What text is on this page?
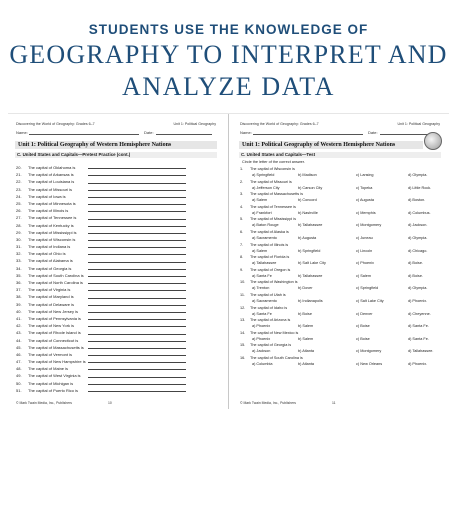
STUDENTS USE THE KNOWLEDGE OF
GEOGRAPHY TO INTERPRET AND
ANALYZE DATA
Discovering the World of Geography: Grades 6–7	Unit 1: Political Geography
Name:	Date:
Unit 1: Political Geography of Western Hemisphere Nations
C. United States and Capitals—Pretest Practice (cont.)
20.	The capital of Oklahoma is
21.	The capital of Arkansas is
22.	The capital of Louisiana is
23.	The capital of Missouri is
24.	The capital of Iowa is
25.	The capital of Minnesota is
26.	The capital of Illinois is
27.	The capital of Tennessee is
28.	The capital of Kentucky is
29.	The capital of Mississippi is
30.	The capital of Wisconsin is
31.	The capital of Indiana is
32.	The capital of Ohio is
33.	The capital of Alabama is
34.	The capital of Georgia is
35.	The capital of South Carolina is
36.	The capital of North Carolina is
37.	The capital of Virginia is
38.	The capital of Maryland is
39.	The capital of Delaware is
40.	The capital of New Jersey is
41.	The capital of Pennsylvania is
42.	The capital of New York is
43.	The capital of Rhode Island is
44.	The capital of Connecticut is
45.	The capital of Massachusetts is
46.	The capital of Vermont is
47.	The capital of New Hampshire is
48.	The capital of Maine is
49.	The capital of West Virginia is
50.	The capital of Michigan is
51.	The capital of Puerto Rico is
© Mark Twain Media, Inc., Publishers	10
Discovering the World of Geography: Grades 6–7	Unit 1: Political Geography
Name:	Date:
Unit 1: Political Geography of Western Hemisphere Nations
C. United States and Capitals—Test
Circle the letter of the correct answer.
1.	The capital of Wisconsin is
a) Springfield	b) Madison	c) Lansing	d) Olympia.
2.	The capital of Missouri is
a) Jefferson City	b) Carson City	c) Topeka	d) Little Rock.
3.	The capital of Massachusetts is
a) Salem	b) Concord	c) Augusta	d) Boston.
4.	The capital of Tennessee is
a) Frankfort	b) Nashville	c) Memphis	d) Columbus.
5.	The capital of Mississippi is
a) Baton Rouge	b) Tallahassee	c) Montgomery	d) Jackson.
6.	The capital of Alaska is
a) Sacramento	b) Augusta	c) Juneau	d) Olympia.
7.	The capital of Illinois is
a) Salem	b) Springfield	c) Lincoln	d) Chicago.
8.	The capital of Florida is
a) Tallahassee	b) Salt Lake City	c) Phoenix	d) Boise.
9.	The capital of Oregon is
a) Santa Fe	b) Tallahassee	c) Salem	d) Boise.
10.	The capital of Washington is
a) Trenton	b) Dover	c) Springfield	d) Olympia.
11.	The capital of Utah is
a) Sacramento	b) Indianapolis	c) Salt Lake City	d) Phoenix.
12.	The capital of Idaho is
a) Santa Fe	b) Boise	c) Denver	d) Cheyenne.
13.	The capital of Arizona is
a) Phoenix	b) Salem	c) Boise	d) Santa Fe.
14.	The capital of New Mexico is
a) Phoenix	b) Salem	c) Boise	d) Santa Fe.
15.	The capital of Georgia is
a) Jackson	b) Atlanta	c) Montgomery	d) Tallahassee.
16.	The capital of South Carolina is
a) Columbia	b) Atlanta	c) New Orleans	d) Phoenix.
© Mark Twain Media, Inc., Publishers	11
